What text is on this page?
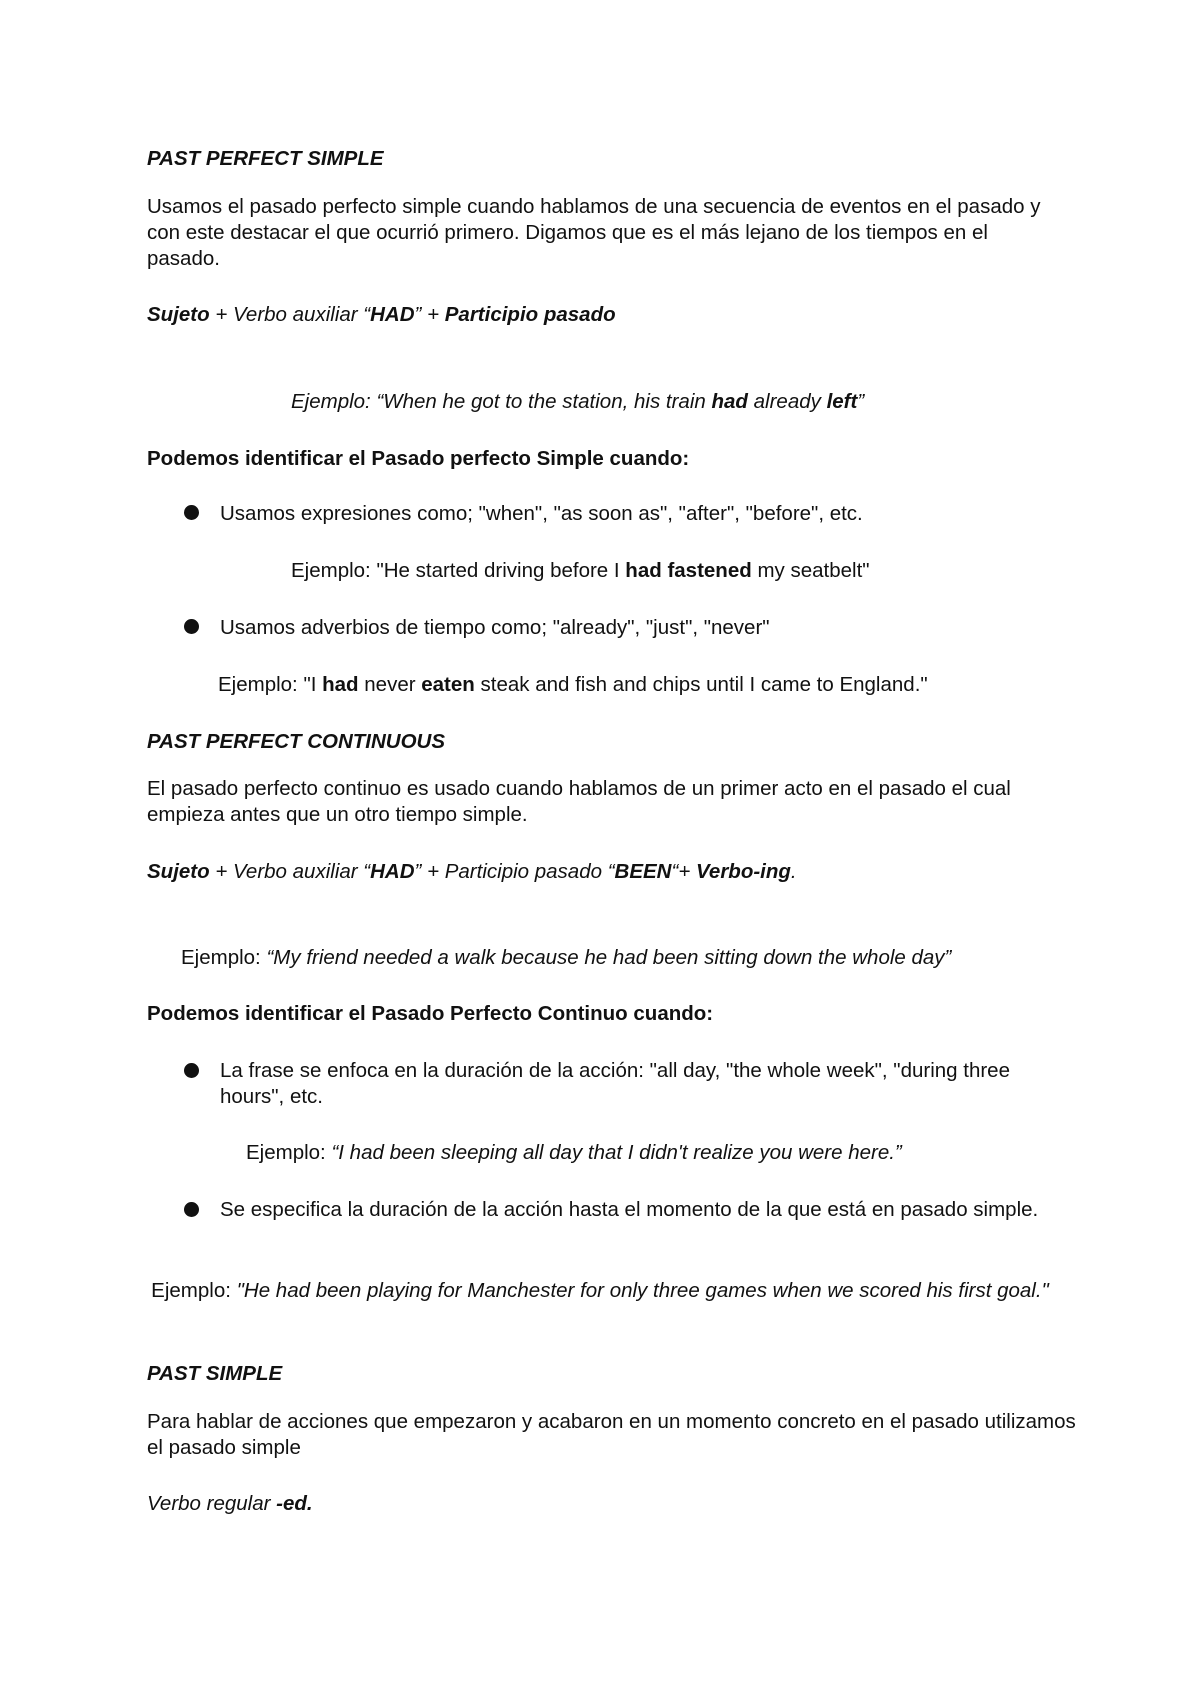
PAST PERFECT SIMPLE

Usamos el pasado perfecto simple cuando hablamos de una secuencia de eventos en el pasado y con este destacar el que ocurrió primero. Digamos que es el más lejano de los tiempos en el pasado.

Sujeto + Verbo auxiliar “HAD” + Participio pasado

Ejemplo: “When he got to the station, his train had already left”

Podemos identificar el Pasado perfecto Simple cuando:

Usamos expresiones como; "when", "as soon as", "after", "before", etc.

Ejemplo: "He started driving before I had fastened my seatbelt"

Usamos adverbios de tiempo como; "already", "just", "never"

Ejemplo: "I had never eaten steak and fish and chips until I came to England."

PAST PERFECT CONTINUOUS

El pasado perfecto continuo es usado cuando hablamos de un primer acto en el pasado el cual empieza antes que un otro tiempo simple.

Sujeto + Verbo auxiliar “HAD” + Participio pasado “BEEN“+ Verbo-ing.

Ejemplo: “My friend needed a walk because he had been sitting down the whole day”

Podemos identificar el Pasado Perfecto Continuo cuando:

La frase se enfoca en la duración de la acción: "all day, "the whole week", "during three hours", etc.

Ejemplo: “I had been sleeping all day that I didn't realize you were here.”

Se especifica la duración de la acción hasta el momento de la que está en pasado simple.

Ejemplo: "He had been playing for Manchester for only three games when we scored his first goal."

PAST SIMPLE

Para hablar de acciones que empezaron y acabaron en un momento concreto en el pasado utilizamos el pasado simple

Verbo regular -ed.
